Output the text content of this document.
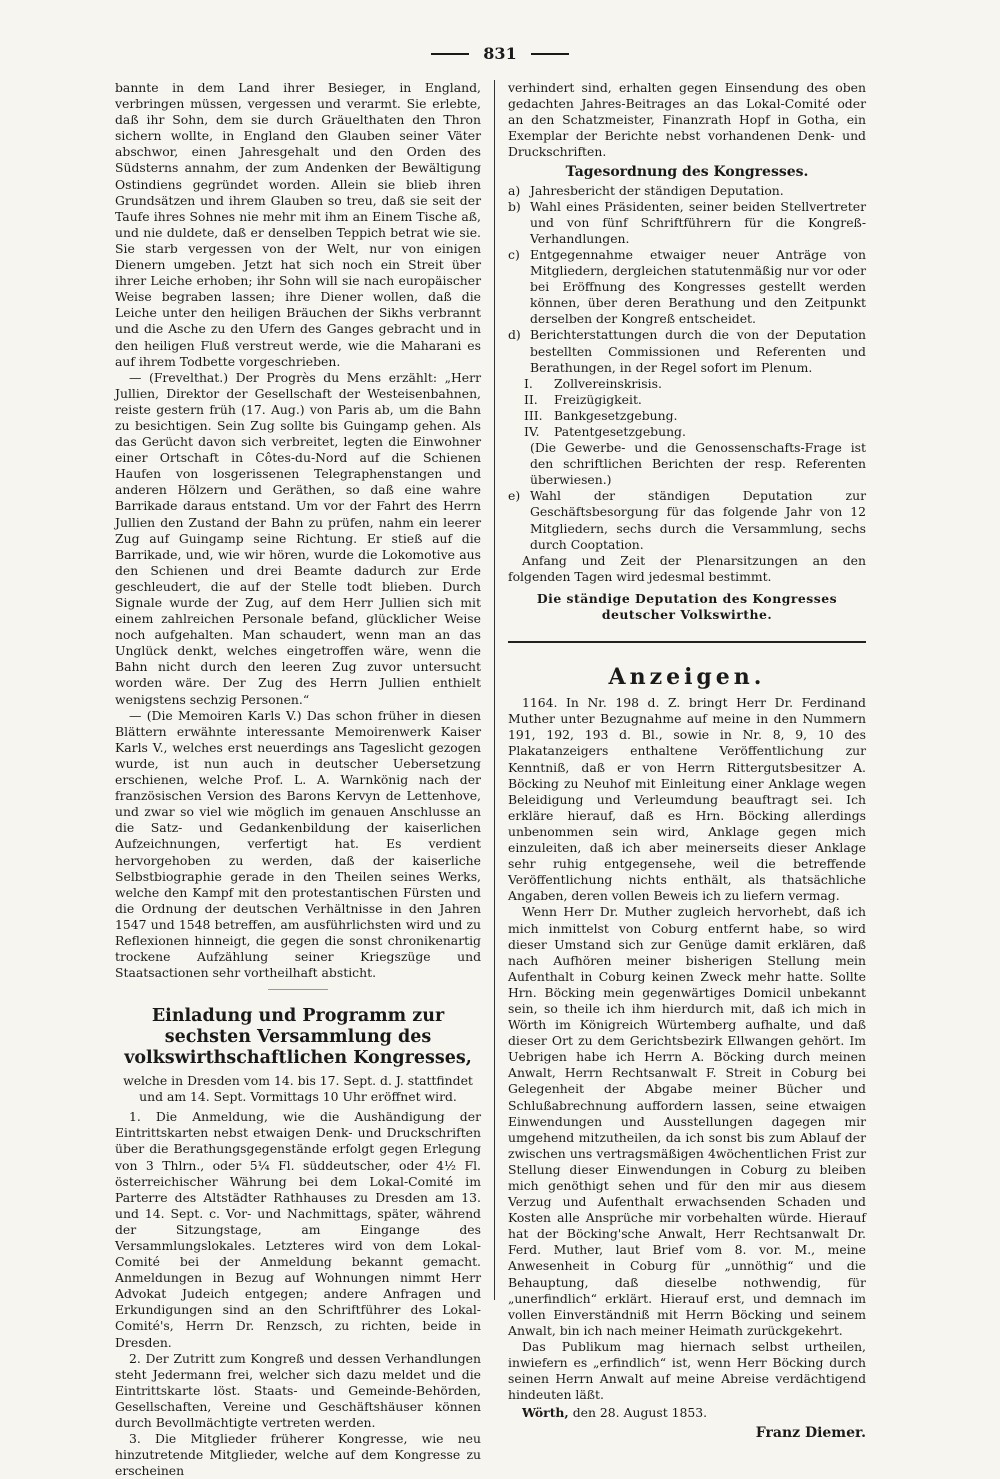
831

bannte in dem Land ihrer Besieger, in England, verbringen müssen, vergessen und verarmt. Sie erlebte, daß ihr Sohn, dem sie durch Gräuelthaten den Thron sichern wollte, in England den Glauben seiner Väter abschwor, einen Jahresgehalt und den Orden des Südsterns annahm, der zum Andenken der Bewältigung Ostindiens gegründet worden. Allein sie blieb ihren Grundsätzen und ihrem Glauben so treu, daß sie seit der Taufe ihres Sohnes nie mehr mit ihm an Einem Tische aß, und nie duldete, daß er denselben Teppich betrat wie sie. Sie starb vergessen von der Welt, nur von einigen Dienern umgeben. Jetzt hat sich noch ein Streit über ihrer Leiche erhoben; ihr Sohn will sie nach europäischer Weise begraben lassen; ihre Diener wollen, daß die Leiche unter den heiligen Bräuchen der Sikhs verbrannt und die Asche zu den Ufern des Ganges gebracht und in den heiligen Fluß verstreut werde, wie die Maharani es auf ihrem Todbette vorgeschrieben.

— (Frevelthat.) Der Progrès du Mens erzählt: „Herr Jullien, Direktor der Gesellschaft der Westeisenbahnen, reiste gestern früh (17. Aug.) von Paris ab, um die Bahn zu besichtigen. Sein Zug sollte bis Guingamp gehen. Als das Gerücht davon sich verbreitet, legten die Einwohner einer Ortschaft in Côtes-du-Nord auf die Schienen Haufen von losgerissenen Telegraphenstangen und anderen Hölzern und Geräthen, so daß eine wahre Barrikade daraus entstand. Um vor der Fahrt des Herrn Jullien den Zustand der Bahn zu prüfen, nahm ein leerer Zug auf Guingamp seine Richtung. Er stieß auf die Barrikade, und, wie wir hören, wurde die Lokomotive aus den Schienen und drei Beamte dadurch zur Erde geschleudert, die auf der Stelle todt blieben. Durch Signale wurde der Zug, auf dem Herr Jullien sich mit einem zahlreichen Personale befand, glücklicher Weise noch aufgehalten. Man schaudert, wenn man an das Unglück denkt, welches eingetroffen wäre, wenn die Bahn nicht durch den leeren Zug zuvor untersucht worden wäre. Der Zug des Herrn Jullien enthielt wenigstens sechzig Personen.“

— (Die Memoiren Karls V.) Das schon früher in diesen Blättern erwähnte interessante Memoirenwerk Kaiser Karls V., welches erst neuerdings ans Tageslicht gezogen wurde, ist nun auch in deutscher Uebersetzung erschienen, welche Prof. L. A. Warnkönig nach der französischen Version des Barons Kervyn de Lettenhove, und zwar so viel wie möglich im genauen Anschlusse an die Satz- und Gedankenbildung der kaiserlichen Aufzeichnungen, verfertigt hat. Es verdient hervorgehoben zu werden, daß der kaiserliche Selbstbiographie gerade in den Theilen seines Werks, welche den Kampf mit den protestantischen Fürsten und die Ordnung der deutschen Verhältnisse in den Jahren 1547 und 1548 betreffen, am ausführlichsten wird und zu Reflexionen hinneigt, die gegen die sonst chronikenartig trockene Aufzählung seiner Kriegszüge und Staatsactionen sehr vortheilhaft absticht.

Einladung und Programm zur sechsten Versammlung des volkswirthschaftlichen Kongresses,
welche in Dresden vom 14. bis 17. Sept. d. J. stattfindet und am 14. Sept. Vormittags 10 Uhr eröffnet wird.

1. Die Anmeldung, wie die Aushändigung der Eintrittskarten nebst etwaigen Denk- und Druckschriften über die Berathungsgegenstände erfolgt gegen Erlegung von 3 Thlrn., oder 5¼ Fl. süddeutscher, oder 4½ Fl. österreichischer Währung bei dem Lokal-Comité im Parterre des Altstädter Rathhauses zu Dresden am 13. und 14. Sept. c. Vor- und Nachmittags, später, während der Sitzungstage, am Eingange des Versammlungslokales. Letzteres wird von dem Lokal-Comité bei der Anmeldung bekannt gemacht. Anmeldungen in Bezug auf Wohnungen nimmt Herr Advokat Judeich entgegen; andere Anfragen und Erkundigungen sind an den Schriftführer des Lokal-Comité's, Herrn Dr. Renzsch, zu richten, beide in Dresden.

2. Der Zutritt zum Kongreß und dessen Verhandlungen steht Jedermann frei, welcher sich dazu meldet und die Eintrittskarte löst. Staats- und Gemeinde-Behörden, Gesellschaften, Vereine und Geschäftshäuser können durch Bevollmächtigte vertreten werden.

3. Die Mitglieder früherer Kongresse, wie neu hinzutretende Mitglieder, welche auf dem Kongresse zu erscheinen

verhindert sind, erhalten gegen Einsendung des oben gedachten Jahres-Beitrages an das Lokal-Comité oder an den Schatzmeister, Finanzrath Hopf in Gotha, ein Exemplar der Berichte nebst vorhandenen Denk- und Druckschriften.

Tagesordnung des Kongresses.
a) Jahresbericht der ständigen Deputation.
b) Wahl eines Präsidenten, seiner beiden Stellvertreter und von fünf Schriftführern für die Kongreß-Verhandlungen.
c) Entgegennahme etwaiger neuer Anträge von Mitgliedern, dergleichen statutenmäßig nur vor oder bei Eröffnung des Kongresses gestellt werden können, über deren Berathung und den Zeitpunkt derselben der Kongreß entscheidet.
d) Berichterstattungen durch die von der Deputation bestellten Commissionen und Referenten und Berathungen, in der Regel sofort im Plenum.
I.	Zollvereinskrisis.
II.	Freizügigkeit.
III. Bankgesetzgebung.
IV.	Patentgesetzgebung.

(Die Gewerbe- und die Genossenschafts-Frage ist den schriftlichen Berichten der resp. Referenten überwiesen.)

e) Wahl der ständigen Deputation zur Geschäftsbesorgung für das folgende Jahr von 12 Mitgliedern, sechs durch die Versammlung, sechs durch Cooptation.

Anfang und Zeit der Plenarsitzungen an den folgenden Tagen wird jedesmal bestimmt.

Die ständige Deputation des Kongresses deutscher Volkswirthe.
Anzeigen.

1164. In Nr. 198 d. Z. bringt Herr Dr. Ferdinand Muther unter Bezugnahme auf meine in den Nummern 191, 192, 193 d. Bl., sowie in Nr. 8, 9, 10 des Plakatanzeigers enthaltene Veröffentlichung zur Kenntniß, daß er von Herrn Rittergutsbesitzer A. Böcking zu Neuhof mit Einleitung einer Anklage wegen Beleidigung und Verleumdung beauftragt sei. Ich erkläre hierauf, daß es Hrn. Böcking allerdings unbenommen sein wird, Anklage gegen mich einzuleiten, daß ich aber meinerseits dieser Anklage sehr ruhig entgegensehe, weil die betreffende Veröffentlichung nichts enthält, als thatsächliche Angaben, deren vollen Beweis ich zu liefern vermag.

Wenn Herr Dr. Muther zugleich hervorhebt, daß ich mich inmittelst von Coburg entfernt habe, so wird dieser Umstand sich zur Genüge damit erklären, daß nach Aufhören meiner bisherigen Stellung mein Aufenthalt in Coburg keinen Zweck mehr hatte. Sollte Hrn. Böcking mein gegenwärtiges Domicil unbekannt sein, so theile ich ihm hierdurch mit, daß ich mich in Wörth im Königreich Würtemberg aufhalte, und daß dieser Ort zu dem Gerichtsbezirk Ellwangen gehört. Im Uebrigen habe ich Herrn A. Böcking durch meinen Anwalt, Herrn Rechtsanwalt F. Streit in Coburg bei Gelegenheit der Abgabe meiner Bücher und Schlußabrechnung auffordern lassen, seine etwaigen Einwendungen und Ausstellungen dagegen mir umgehend mitzutheilen, da ich sonst bis zum Ablauf der zwischen uns vertragsmäßigen 4wöchentlichen Frist zur Stellung dieser Einwendungen in Coburg zu bleiben mich genöthigt sehen und für den mir aus diesem Verzug und Aufenthalt erwachsenden Schaden und Kosten alle Ansprüche mir vorbehalten würde. Hierauf hat der Böcking'sche Anwalt, Herr Rechtsanwalt Dr. Ferd. Muther, laut Brief vom 8. vor. M., meine Anwesenheit in Coburg für „unnöthig“ und die Behauptung, daß dieselbe nothwendig, für „unerfindlich“ erklärt. Hierauf erst, und demnach im vollen Einverständniß mit Herrn Böcking und seinem Anwalt, bin ich nach meiner Heimath zurückgekehrt.

Das Publikum mag hiernach selbst urtheilen, inwiefern es „erfindlich“ ist, wenn Herr Böcking durch seinen Herrn Anwalt auf meine Abreise verdächtigend hindeuten läßt.

Wörth, den 28. August 1853.
Franz Diemer.
